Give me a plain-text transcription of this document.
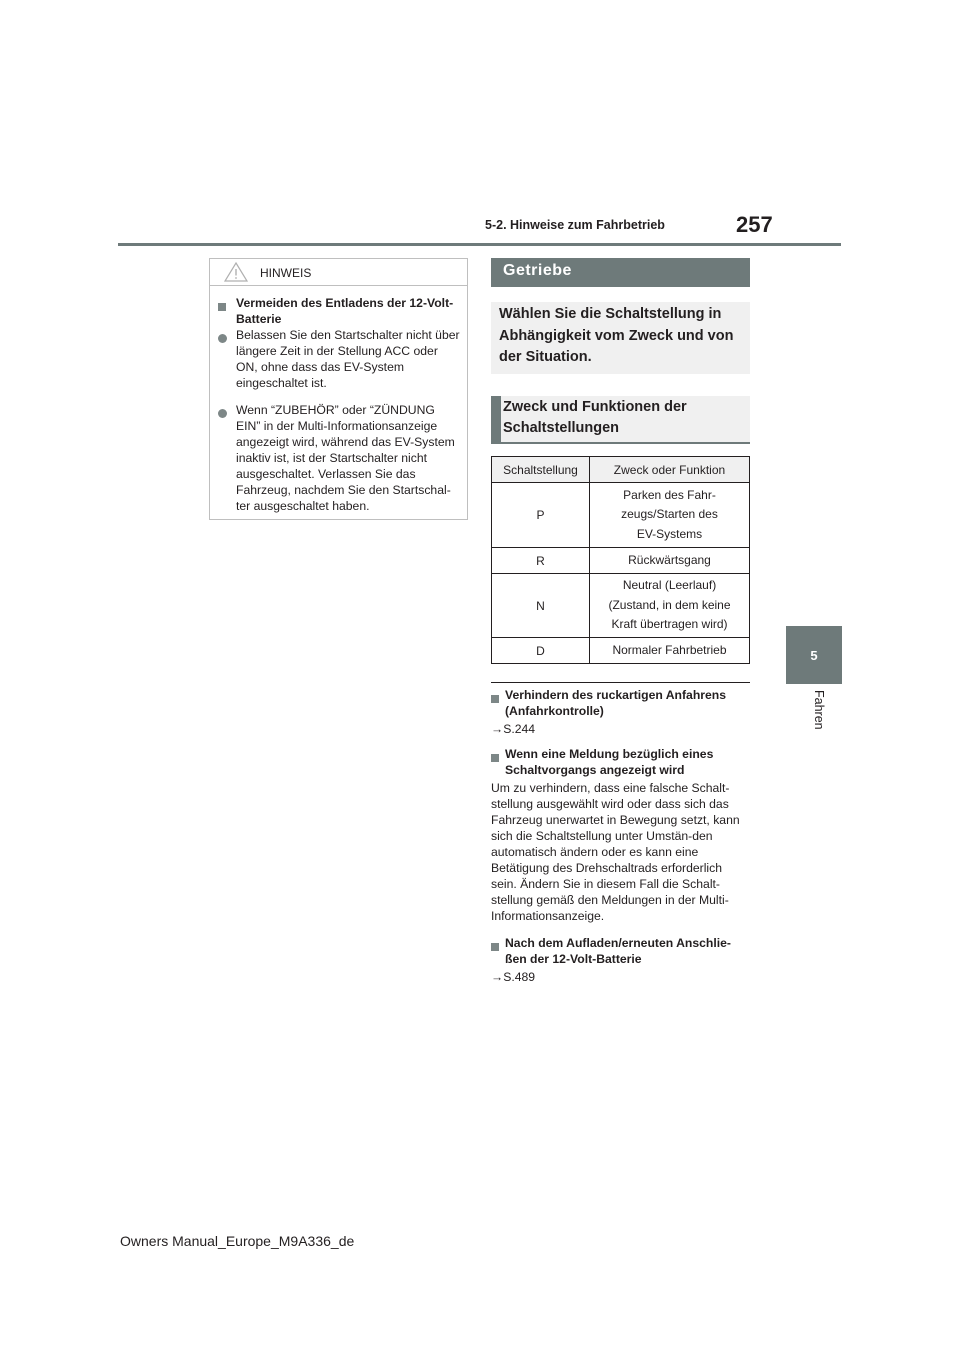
5-2. Hinweise zum Fahrbetrieb	257
5
Fahren
HINWEIS
Vermeiden des Entladens der 12-Volt-Batterie
Belassen Sie den Startschalter nicht über längere Zeit in der Stellung ACC oder ON, ohne dass das EV-System eingeschaltet ist.
Wenn “ZUBEHÖR” oder “ZÜNDUNG EIN” in der Multi-Informationsanzeige angezeigt wird, während das EV-System inaktiv ist, ist der Startschalter nicht ausgeschaltet. Verlassen Sie das Fahrzeug, nachdem Sie den Startschal-ter ausgeschaltet haben.
Getriebe
Wählen Sie die Schaltstellung in Abhängigkeit vom Zweck und von der Situation.
Zweck und Funktionen der Schaltstellungen
Schaltstellung	Zweck oder Funktion
P	Parken des Fahr-zeugs/Starten des EV-Systems

R	Rückwärtsgang
N	Neutral (Leerlauf) (Zustand, in dem keine Kraft übertragen wird)

D	Normaler Fahrbetrieb
Verhindern des ruckartigen Anfahrens (Anfahrkontrolle)
→S.244
Wenn eine Meldung bezüglich eines Schaltvorgangs angezeigt wird
Um zu verhindern, dass eine falsche Schalt-stellung ausgewählt wird oder dass sich das Fahrzeug unerwartet in Bewegung setzt, kann sich die Schaltstellung unter Umstän-den automatisch ändern oder es kann eine Betätigung des Drehschaltrads erforderlich sein. Ändern Sie in diesem Fall die Schalt-stellung gemäß den Meldungen in der Multi-Informationsanzeige.
Nach dem Aufladen/erneuten Anschlie-ßen der 12-Volt-Batterie
→S.489
Owners Manual_Europe_M9A336_de
